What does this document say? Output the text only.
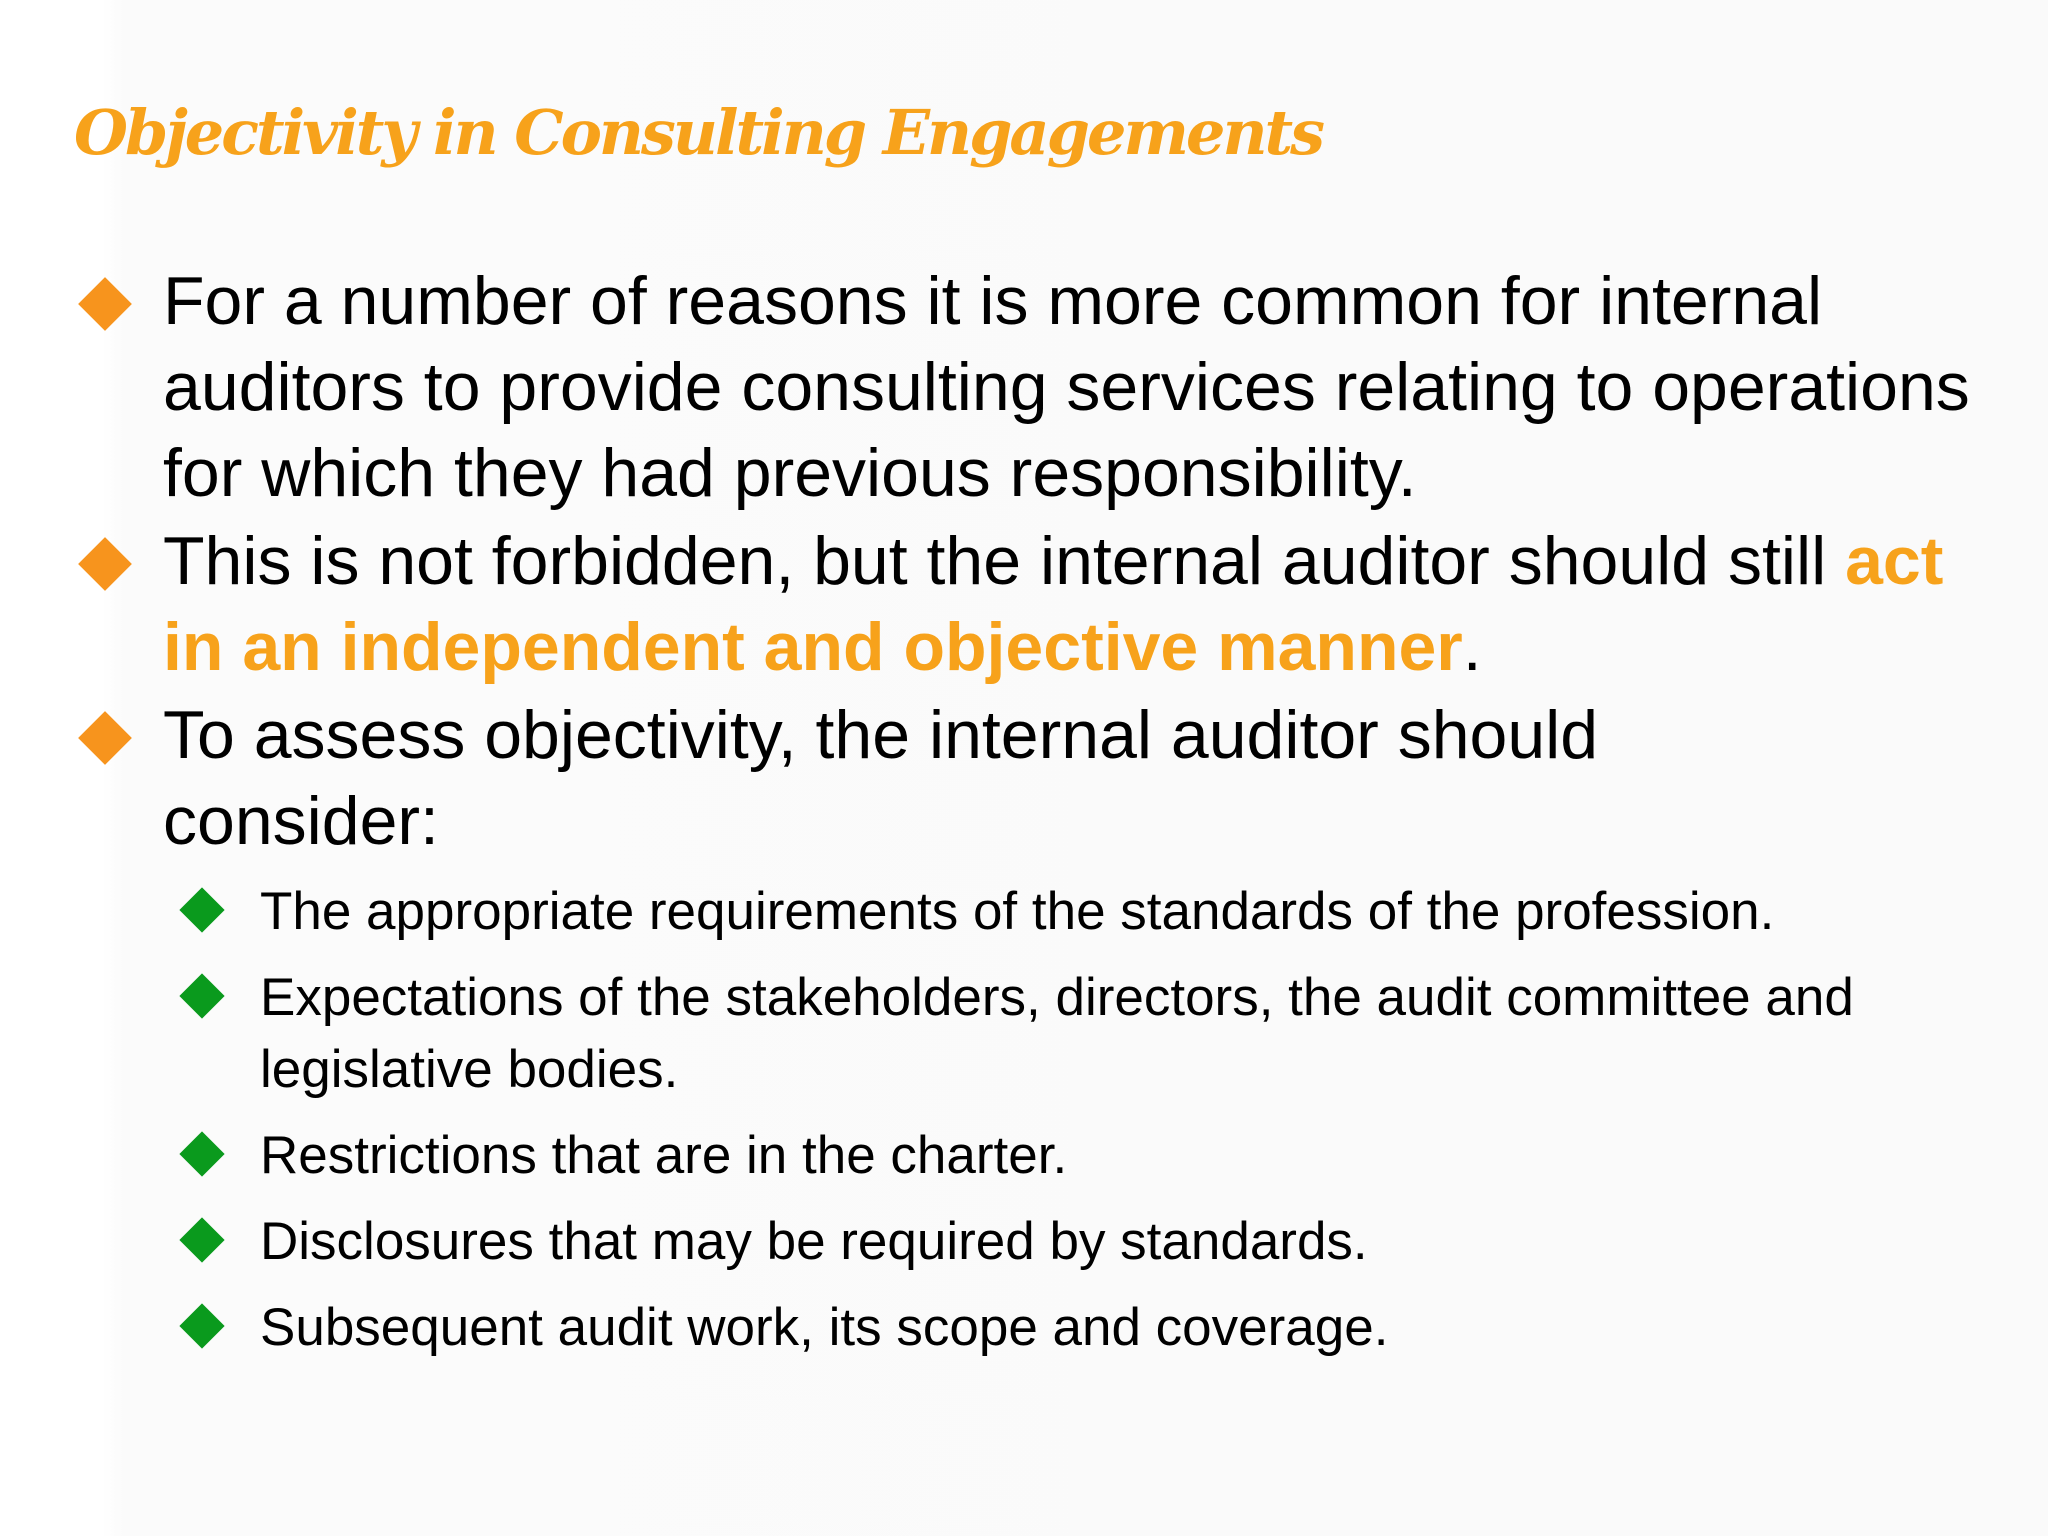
Objectivity in Consulting Engagements
For a number of reasons it is more common for internal auditors to provide consulting services relating to operations for which they had previous responsibility.
This is not forbidden, but the internal auditor should still act in an independent and objective manner.
To assess objectivity, the internal auditor should consider:
The appropriate requirements of the standards of the profession.
Expectations of the stakeholders, directors, the audit committee and legislative bodies.
Restrictions that are in the charter.
Disclosures that may be required by standards.
Subsequent audit work, its scope and coverage.
